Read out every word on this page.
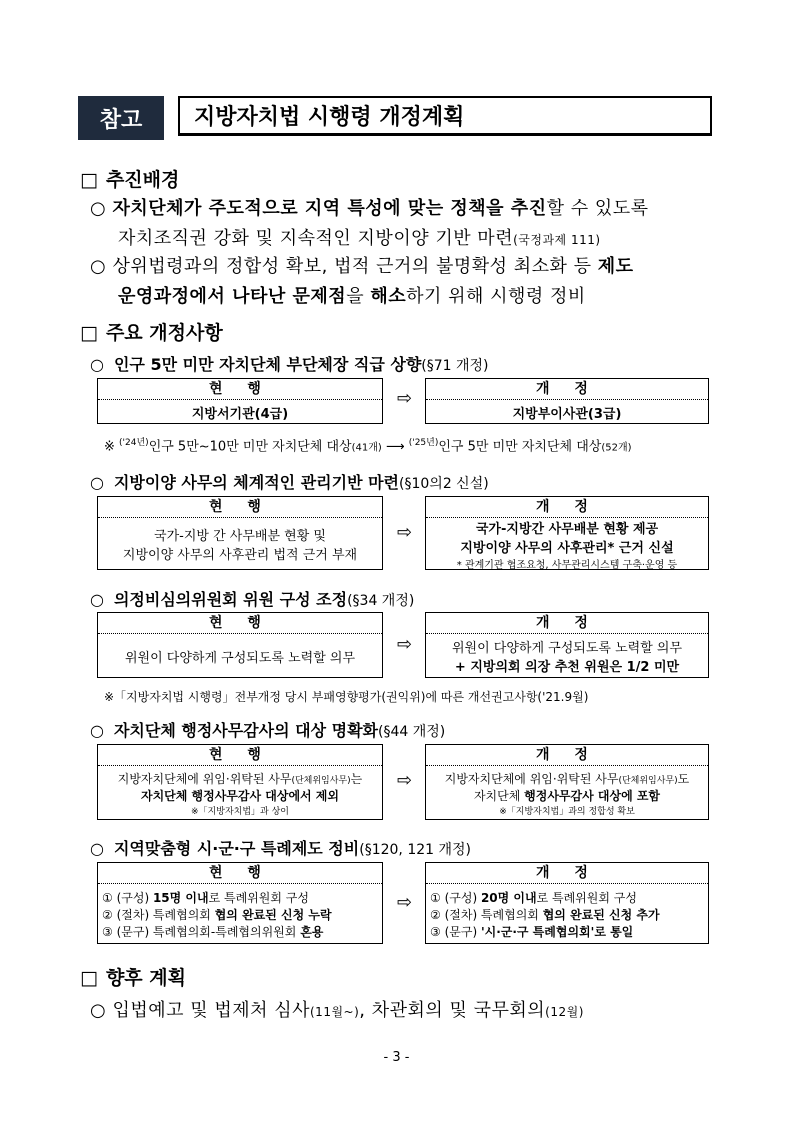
참고	지방자치법 시행령 개정계획
□ 추진배경
○ 자치단체가 주도적으로 지역 특성에 맞는 정책을 추진할 수 있도록
자치조직권 강화 및 지속적인 지방이양 기반 마련(국정과제 111)
○ 상위법령과의 정합성 확보, 법적 근거의 불명확성 최소화 등 제도
운영과정에서 나타난 문제점을 해소하기 위해 시행령 정비
□ 주요 개정사항
○ 인구 5만 미만 자치단체 부단체장 직급 상향(§71 개정)
현 행
지방서기관(4급)
⇨	개 정
지방부이사관(3급)
※ $^{('24년)}$인구 5만~10만 미만 자치단체 대상(41개) ⟶ $^{('25년)}$인구 5만 미만 자치단체 대상(52개)
○ 지방이양 사무의 체계적인 관리기반 마련(§10의2 신설)
현 행
국가-지방 간 사무배분 현황 및
지방이양 사무의 사후관리 법적 근거 부재
⇨
개 정
국가-지방간 사무배분 현황 제공
지방이양 사무의 사후관리* 근거 신설
* 관계기관 협조요청, 사무관리시스템 구축·운영 등
○ 의정비심의위원회 위원 구성 조정(§34 개정)
현 행
위원이 다양하게 구성되도록 노력할 의무
⇨
개 정
위원이 다양하게 구성되도록 노력할 의무
+ 지방의회 의장 추천 위원은 1/2 미만
※「지방자치법 시행령」전부개정 당시 부패영향평가(권익위)에 따른 개선권고사항('21.9월)
○ 자치단체 행정사무감사의 대상 명확화(§44 개정)
현 행
지방자치단체에 위임·위탁된 사무(단체위임사무)는
자치단체 행정사무감사 대상에서 제외
※「지방자치법」과 상이
⇨
개 정
지방자치단체에 위임·위탁된 사무(단체위임사무)도
자치단체 행정사무감사 대상에 포함
※「지방자치법」과의 정합성 확보
○ 지역맞춤형 시·군·구 특례제도 정비(§120, 121 개정)
현 행
① (구성) 15명 이내로 특례위원회 구성
② (절차) 특례협의회 협의 완료된 신청 누락
③ (문구) 특례협의회-특례협의위원회 혼용
⇨
개 정
① (구성) 20명 이내로 특례위원회 구성
② (절차) 특례협의회 협의 완료된 신청 추가
③ (문구) '시·군·구 특례협의회'로 통일
□ 향후 계획
○ 입법예고 및 법제처 심사(11월~), 차관회의 및 국무회의(12월)
- 3 -
